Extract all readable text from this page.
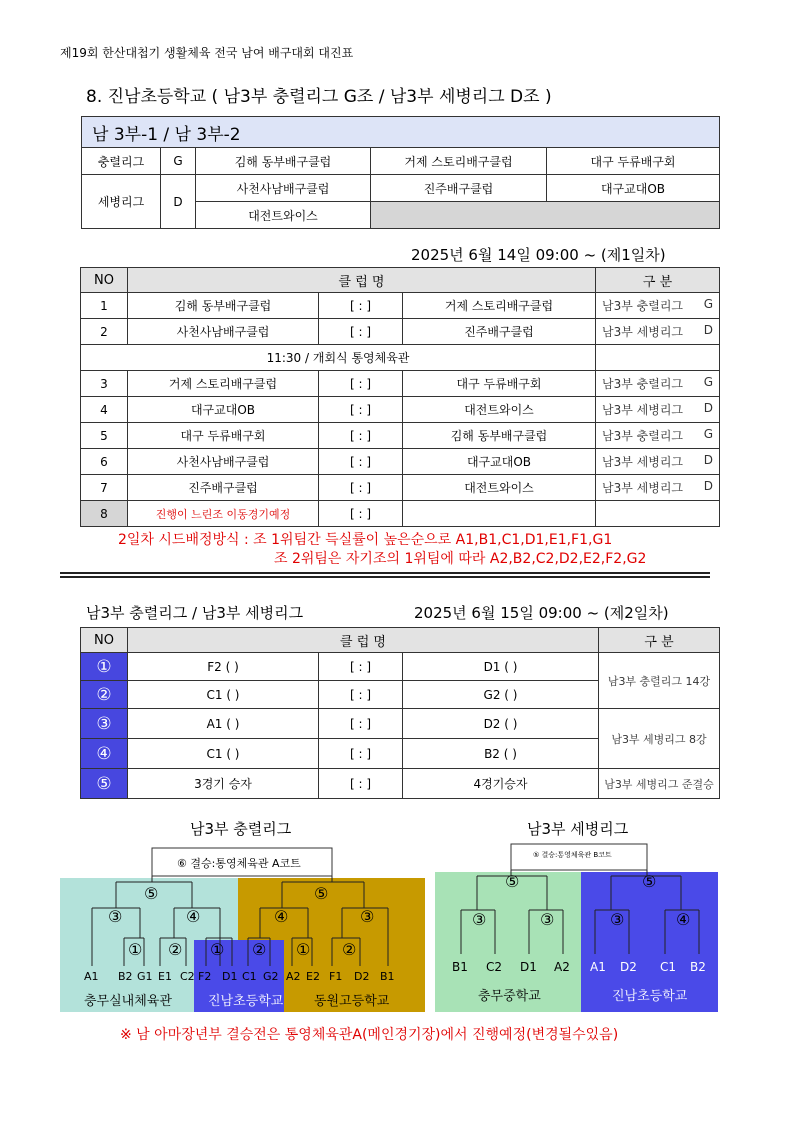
제19회 한산대첩기 생활체육 전국 남여 배구대회 대진표
8. 진남초등학교 ( 남3부 충렬리그 G조 / 남3부 세병리그 D조 )
남 3부-1 / 남 3부-2				
충렬리그	G	김해 동부배구클럽	거제 스토리배구클럽	대구 두류배구회
세병리그	D	사천사남배구클럽	진주배구클럽	대구교대OB
		대전트와이스		
2025년 6월 14일 09:00 ~ (제1일차)
NO	클 럽 명			구 분
1	김해 동부배구클럽	[ : ]	거제 스토리배구클럽	남3부 충렬리그 G

2	사천사남배구클럽	[ : ]	진주배구클럽	남3부 세병리그 D

11:30 / 개회식 통영체육관				
3	거제 스토리배구클럽	[ : ]	대구 두류배구회	남3부 충렬리그 G

4	대구교대OB	[ : ]	대전트와이스	남3부 세병리그 D

5	대구 두류배구회	[ : ]	김해 동부배구클럽	남3부 충렬리그 G

6	사천사남배구클럽	[ : ]	대구교대OB	남3부 세병리그 D

7	진주배구클럽	[ : ]	대전트와이스	남3부 세병리그 D

8	진행이 느린조 이동경기예정	[ : ]		
2일차 시드배정방식 : 조 1위팀간 득실률이 높은순으로 A1,B1,C1,D1,E1,F1,G1
조 2위팀은 자기조의 1위팀에 따라 A2,B2,C2,D2,E2,F2,G2
남3부 충렬리그 / 남3부 세병리그	2025년 6월 15일 09:00 ~ (제2일차)
NO	클 럽 명			구 분
①	F2 ( )	[ : ]	D1 ( )	남3부 충렬리그 14강
②	C1 ( )	[ : ]	G2 ( )	
③	A1 ( )	[ : ]	D2 ( )	남3부 세병리그 8강
④	C1 ( )	[ : ]	B2 ( )	
⑤	3경기 승자	[ : ]	4경기승자	남3부 세병리그 준결승
남3부 충렬리그	남3부 세병리그
⑥ 결승:통영체육관 A코트
⑤	⑤
③	④	④	③
① ② ① ② ① ②
A1 B2 G1 E1 C2 F2 D1 C1 G2 A2 E2 F1 D2 B1
충무실내체육관	진남초등학교 동원고등학교
⑤ 결승:통영체육관 B코트
⑤	⑤
③	③	③	④
B1 C2 D1 A2 A1 D2 C1 B2
충무중학교	진남초등학교
※ 남 아마장년부 결승전은 통영체육관A(메인경기장)에서 진행예정(변경될수있음)
